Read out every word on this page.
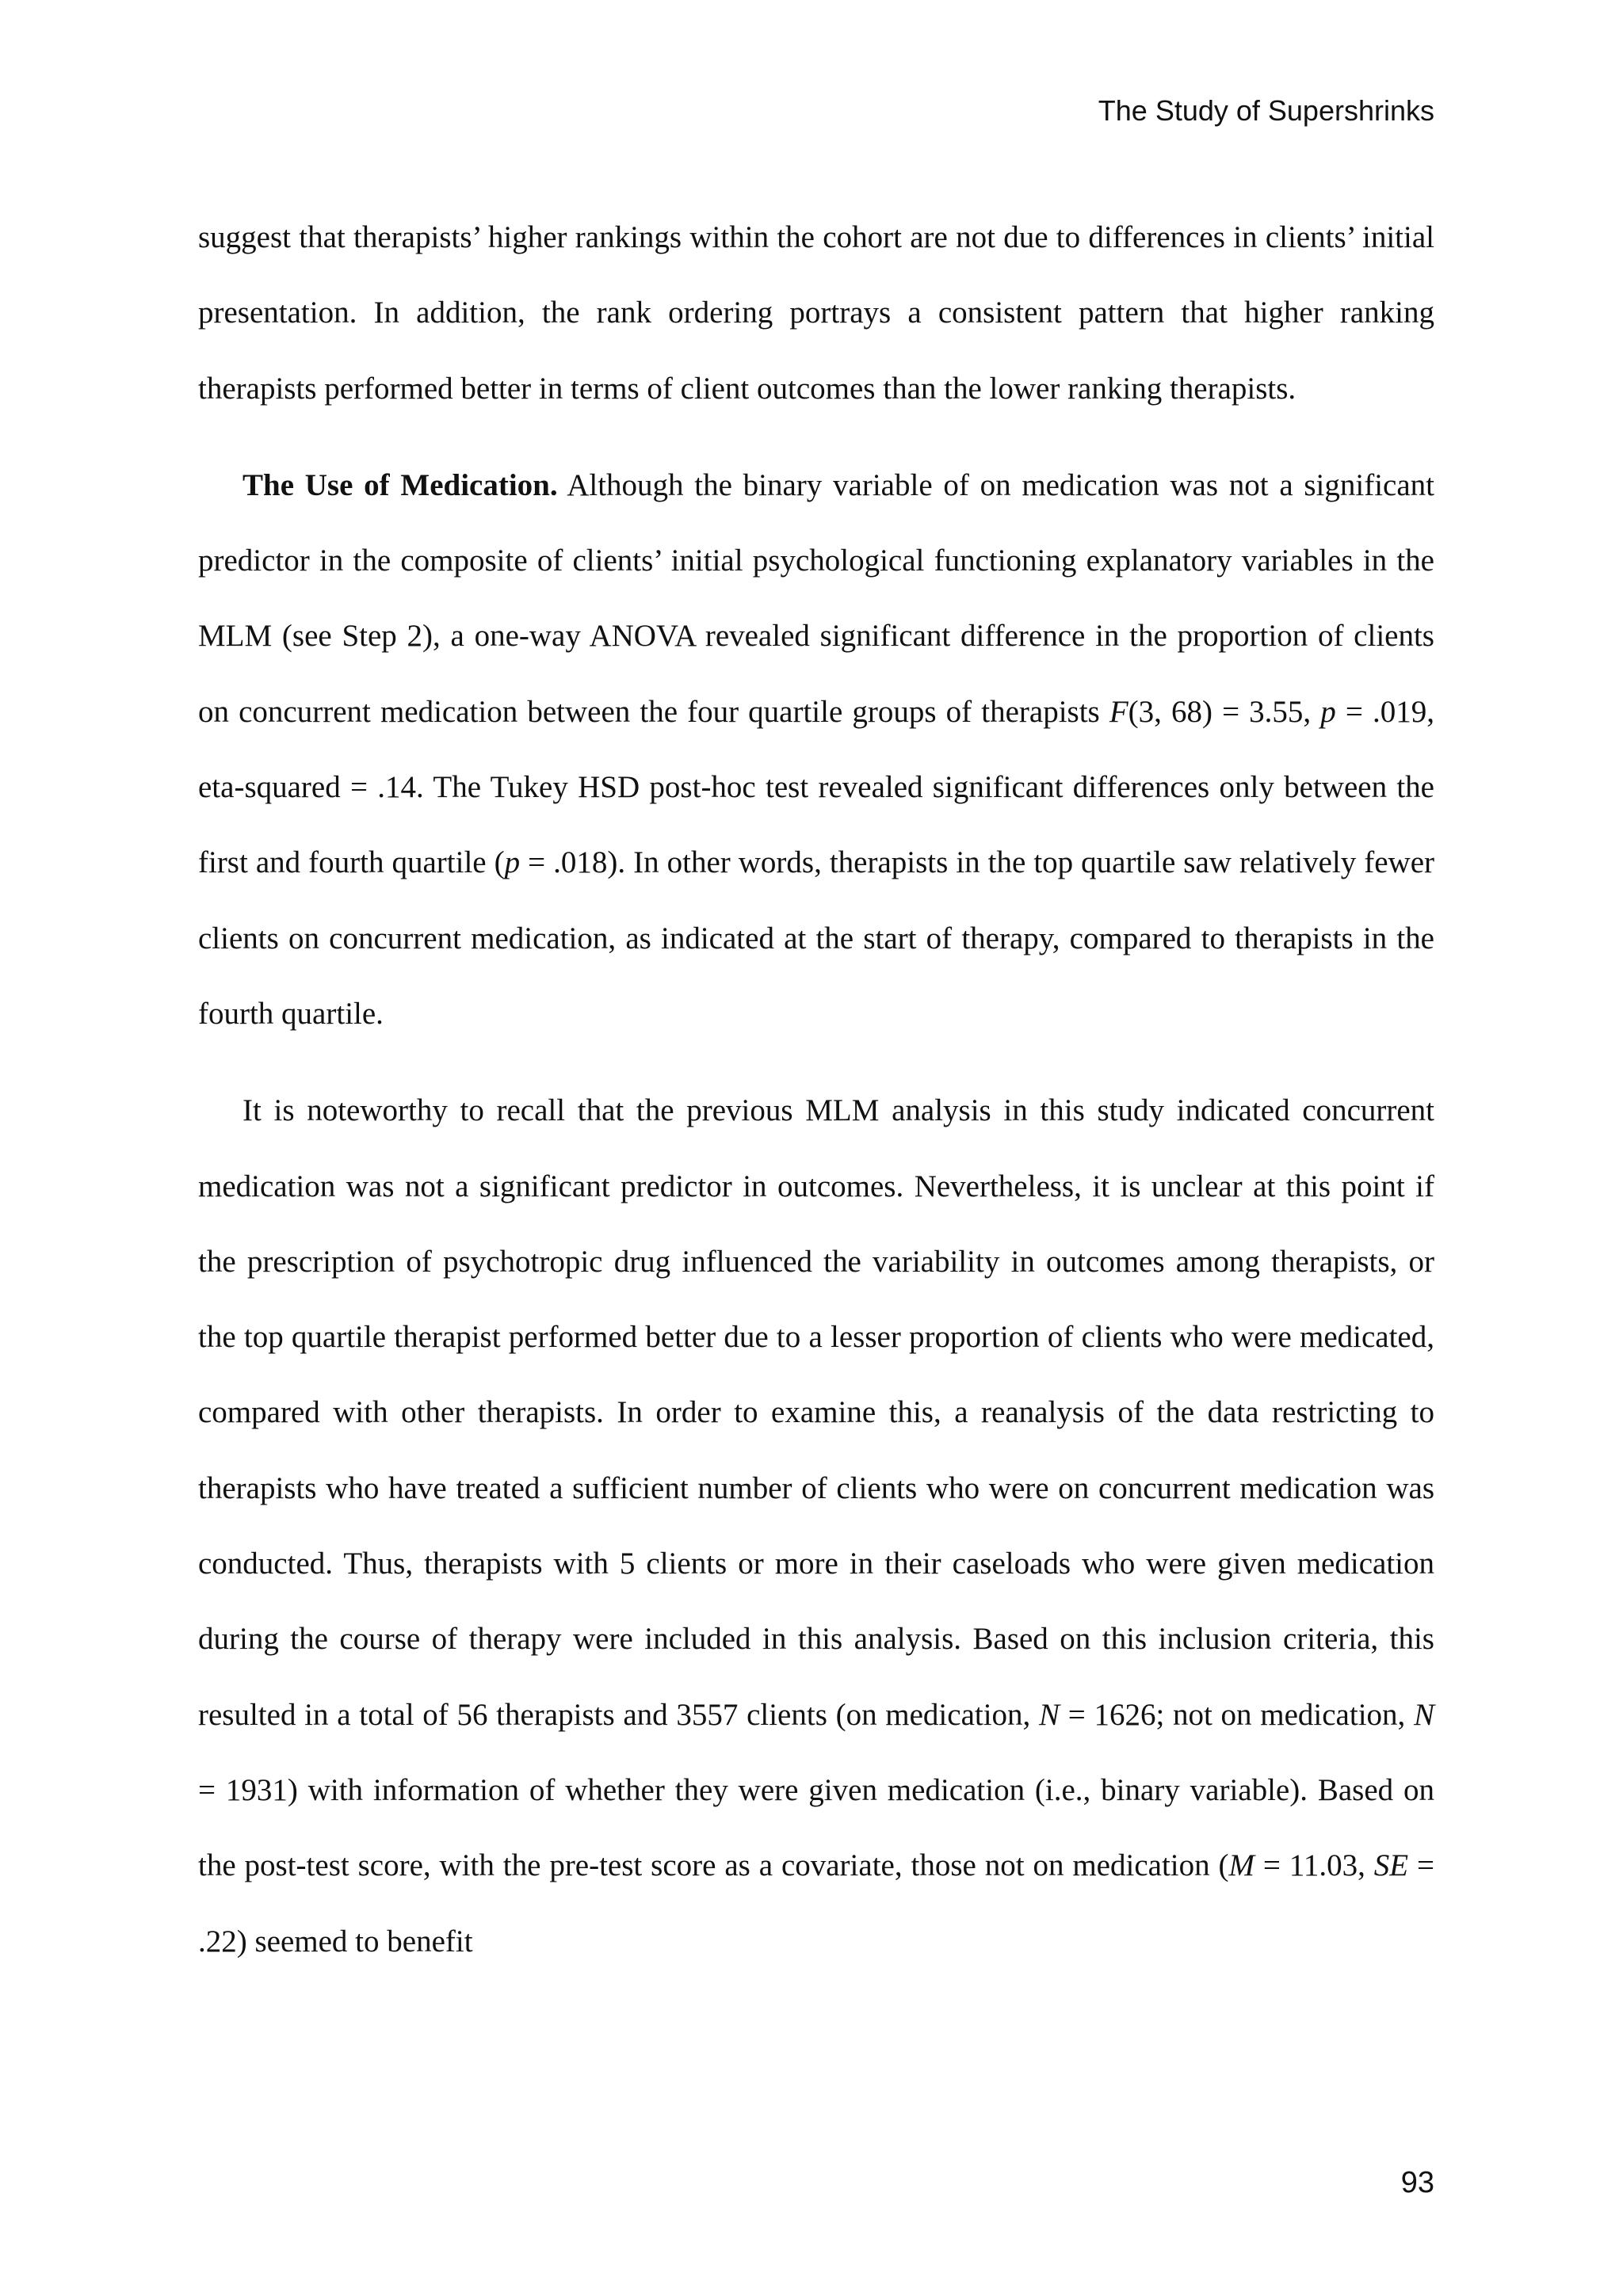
The Study of Supershrinks

suggest that therapists’ higher rankings within the cohort are not due to differences in clients’ initial presentation. In addition, the rank ordering portrays a consistent pattern that higher ranking therapists performed better in terms of client outcomes than the lower ranking therapists.

The Use of Medication. Although the binary variable of on medication was not a significant predictor in the composite of clients’ initial psychological functioning explanatory variables in the MLM (see Step 2), a one-way ANOVA revealed significant difference in the proportion of clients on concurrent medication between the four quartile groups of therapists F(3, 68) = 3.55, p = .019, eta-squared = .14. The Tukey HSD post-hoc test revealed significant differences only between the first and fourth quartile (p = .018). In other words, therapists in the top quartile saw relatively fewer clients on concurrent medication, as indicated at the start of therapy, compared to therapists in the fourth quartile.

It is noteworthy to recall that the previous MLM analysis in this study indicated concurrent medication was not a significant predictor in outcomes. Nevertheless, it is unclear at this point if the prescription of psychotropic drug influenced the variability in outcomes among therapists, or the top quartile therapist performed better due to a lesser proportion of clients who were medicated, compared with other therapists. In order to examine this, a reanalysis of the data restricting to therapists who have treated a sufficient number of clients who were on concurrent medication was conducted. Thus, therapists with 5 clients or more in their caseloads who were given medication during the course of therapy were included in this analysis. Based on this inclusion criteria, this resulted in a total of 56 therapists and 3557 clients (on medication, N = 1626; not on medication, N = 1931) with information of whether they were given medication (i.e., binary variable). Based on the post-test score, with the pre-test score as a covariate, those not on medication (M = 11.03, SE = .22) seemed to benefit

93
